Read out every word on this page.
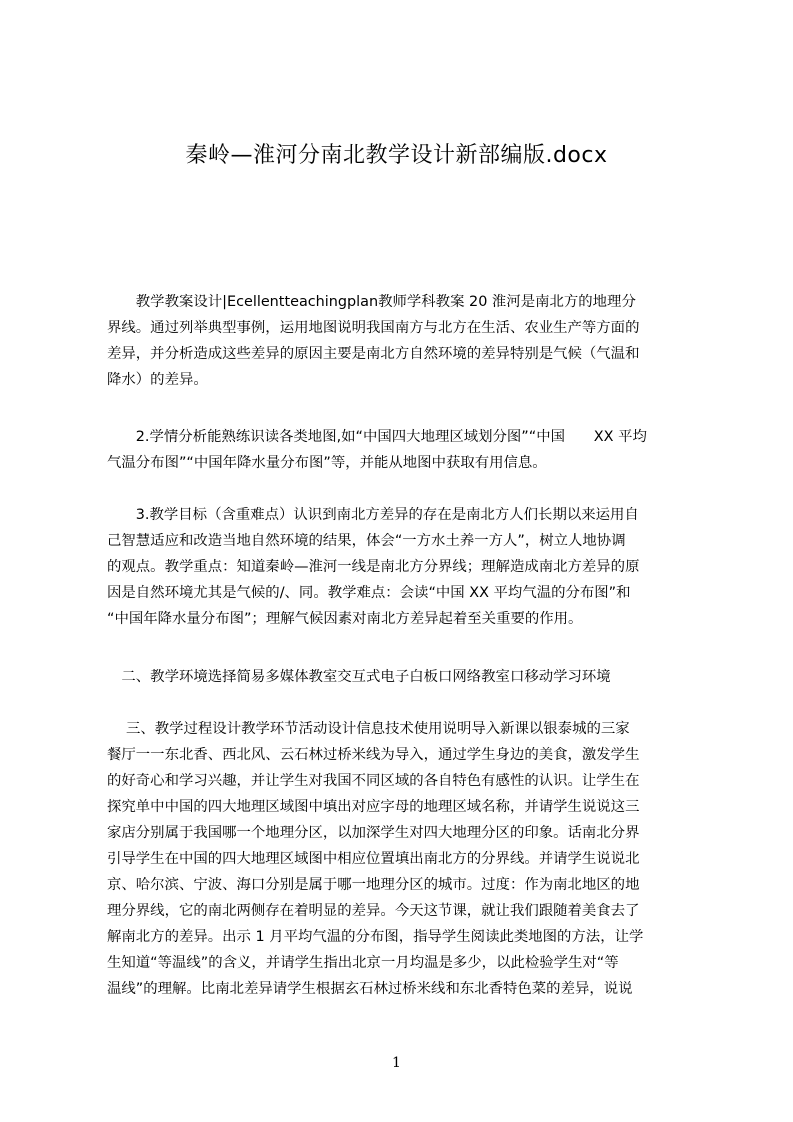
秦岭—淮河分南北教学设计新部编版.docx
　　教学教案设计|Ecellentteachingplan教师学科教案 20 淮河是南北方的地理分
界线。通过列举典型事例，运用地图说明我国南方与北方在生活、农业生产等方面的
差异，并分析造成这些差异的原因主要是南北方自然环境的差异特别是气候（气温和
降水）的差异。
　　2.学情分析能熟练识读各类地图,如“中国四大地理区域划分图”“中国　　XX 平均
气温分布图”“中国年降水量分布图”等，并能从地图中获取有用信息。
　　3.教学目标（含重难点）认识到南北方差异的存在是南北方人们长期以来运用自
己智慧适应和改造当地自然环境的结果，体会“一方水土养一方人”，树立人地协调
的观点。教学重点：知道秦岭—淮河一线是南北方分界线；理解造成南北方差异的原
因是自然环境尤其是气候的/、同。教学难点：会读“中国 XX 平均气温的分布图”和
“中国年降水量分布图”；理解气候因素对南北方差异起着至关重要的作用。
　二、教学环境选择简易多媒体教室交互式电子白板口网络教室口移动学习环境
　 三、教学过程设计教学环节活动设计信息技术使用说明导入新课以银泰城的三家
餐厅一一东北香、西北风、云石林过桥米线为导入，通过学生身边的美食，激发学生
的好奇心和学习兴趣，并让学生对我国不同区域的各自特色有感性的认识。让学生在
探究单中中国的四大地理区域图中填出对应字母的地理区域名称，并请学生说说这三
家店分别属于我国哪一个地理分区，以加深学生对四大地理分区的印象。话南北分界
引导学生在中国的四大地理区域图中相应位置填出南北方的分界线。并请学生说说北
京、哈尔滨、宁波、海口分别是属于哪一地理分区的城市。过度：作为南北地区的地
理分界线，它的南北两侧存在着明显的差异。今天这节课，就让我们跟随着美食去了
解南北方的差异。出示 1 月平均气温的分布图，指导学生阅读此类地图的方法，让学
生知道“等温线”的含义，并请学生指出北京一月均温是多少，以此检验学生对“等
温线”的理解。比南北差异请学生根据玄石林过桥米线和东北香特色菜的差异，说说
1
